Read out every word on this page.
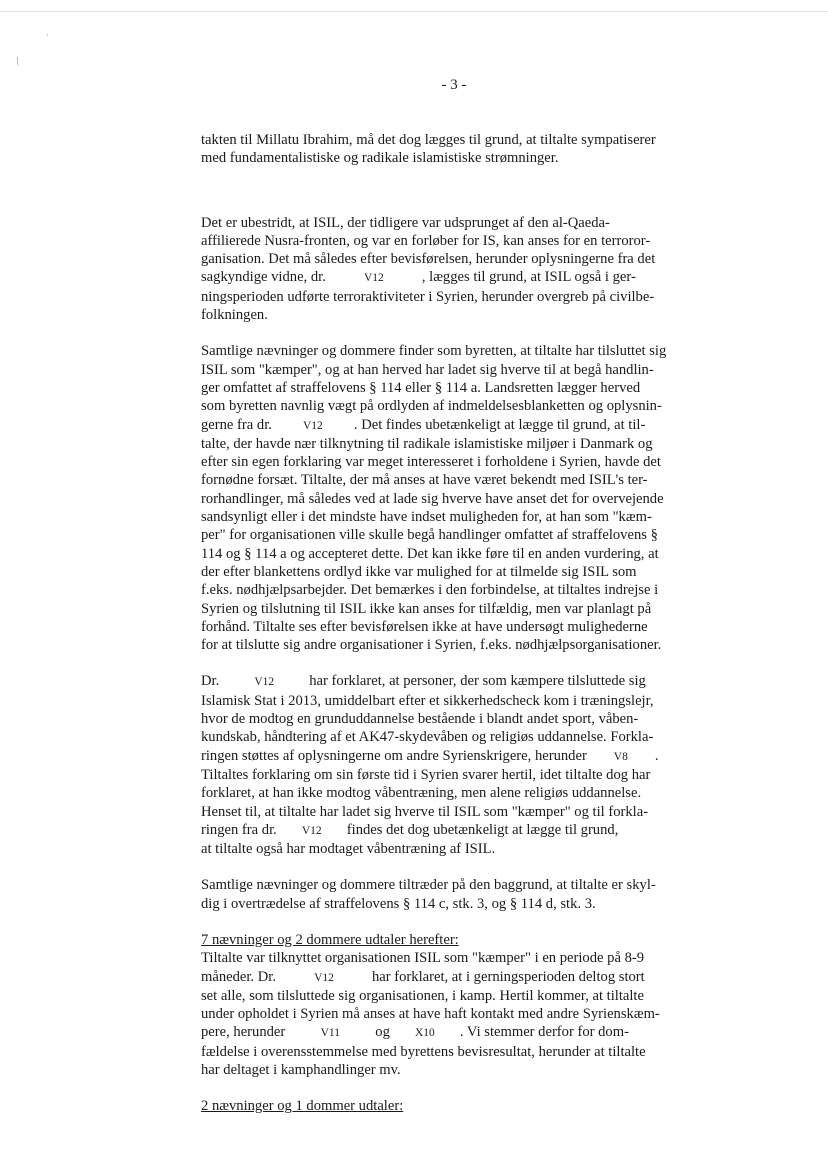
·
/
- 3 -

takten til Millatu Ibrahim, må det dog lægges til grund, at tiltalte sympatiserer
med fundamentalistiske og radikale islamistiske strømninger.

Det er ubestridt, at ISIL, der tidligere var udsprunget af den al-Qaeda-
affilierede Nusra-fronten, og var en forløber for IS, kan anses for en terroror-
ganisation. Det må således efter bevisførelsen, herunder oplysningerne fra det
sagkyndige vidne, dr.	V12	, lægges til grund, at ISIL også i ger-
ningsperioden udførte terroraktiviteter i Syrien, herunder overgreb på civilbe-
folkningen.

Samtlige nævninger og dommere finder som byretten, at tiltalte har tilsluttet sig
ISIL som "kæmper", og at han herved har ladet sig hverve til at begå handlin-
ger omfattet af straffelovens § 114 eller § 114 a. Landsretten lægger herved
som byretten navnlig vægt på ordlyden af indmeldelsesblanketten og oplysnin-
gerne fra dr.	V12 . Det findes ubetænkeligt at lægge til grund, at til-
talte, der havde nær tilknytning til radikale islamistiske miljøer i Danmark og
efter sin egen forklaring var meget interesseret i forholdene i Syrien, havde det
fornødne forsæt. Tiltalte, der må anses at have været bekendt med ISIL's ter-
rorhandlinger, må således ved at lade sig hverve have anset det for overvejende
sandsynligt eller i det mindste have indset muligheden for, at han som "kæm-
per" for organisationen ville skulle begå handlinger omfattet af straffelovens §
114 og § 114 a og accepteret dette. Det kan ikke føre til en anden vurdering, at
der efter blankettens ordlyd ikke var mulighed for at tilmelde sig ISIL som
f.eks. nødhjælpsarbejder. Det bemærkes i den forbindelse, at tiltaltes indrejse i
Syrien og tilslutning til ISIL ikke kan anses for tilfældig, men var planlagt på
forhånd. Tiltalte ses efter bevisførelsen ikke at have undersøgt mulighederne
for at tilslutte sig andre organisationer i Syrien, f.eks. nødhjælpsorganisationer.

Dr.	V12 har forklaret, at personer, der som kæmpere tilsluttede sig
Islamisk Stat i 2013, umiddelbart efter et sikkerhedscheck kom i træningslejr,
hvor de modtog en grunduddannelse bestående i blandt andet sport, våben-
kundskab, håndtering af et AK47-skydevåben og religiøs uddannelse. Forkla-
ringen støttes af oplysningerne om andre Syrienskrigere, herunder V8 .
Tiltaltes forklaring om sin første tid i Syrien svarer hertil, idet tiltalte dog har
forklaret, at han ikke modtog våbentræning, men alene religiøs uddannelse.
Henset til, at tiltalte har ladet sig hverve til ISIL som "kæmper" og til forkla-
ringen fra dr. V12 findes det dog ubetænkeligt at lægge til grund,
at tiltalte også har modtaget våbentræning af ISIL.

Samtlige nævninger og dommere tiltræder på den baggrund, at tiltalte er skyl-
dig i overtrædelse af straffelovens § 114 c, stk. 3, og § 114 d, stk. 3.

7 nævninger og 2 dommere udtaler herefter:
Tiltalte var tilknyttet organisationen ISIL som "kæmper" i en periode på 8-9
måneder. Dr.	V12	har forklaret, at i gerningsperioden deltog stort
set alle, som tilsluttede sig organisationen, i kamp. Hertil kommer, at tiltalte
under opholdet i Syrien må anses at have haft kontakt med andre Syrienskæm-
pere, herunder	V11 og X10 . Vi stemmer derfor for dom-
fældelse i overensstemmelse med byrettens bevisresultat, herunder at tiltalte
har deltaget i kamphandlinger mv.

2 nævninger og 1 dommer udtaler:
